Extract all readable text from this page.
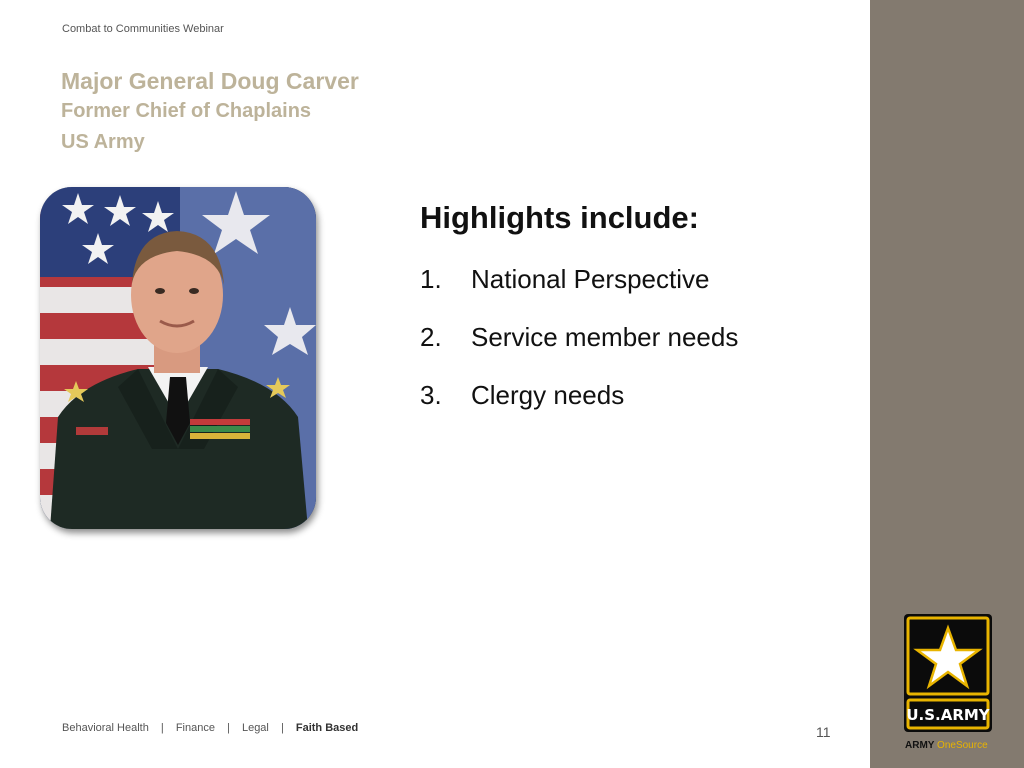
Combat to Communities Webinar
Major General Doug Carver
Former Chief of Chaplains
US Army
Highlights include:
1.	National Perspective
2.	Service member needs
3.	Clergy needs
Behavioral Health | Finance | Legal | Faith Based	11
U.S.ARMY
ARMY OneSource
